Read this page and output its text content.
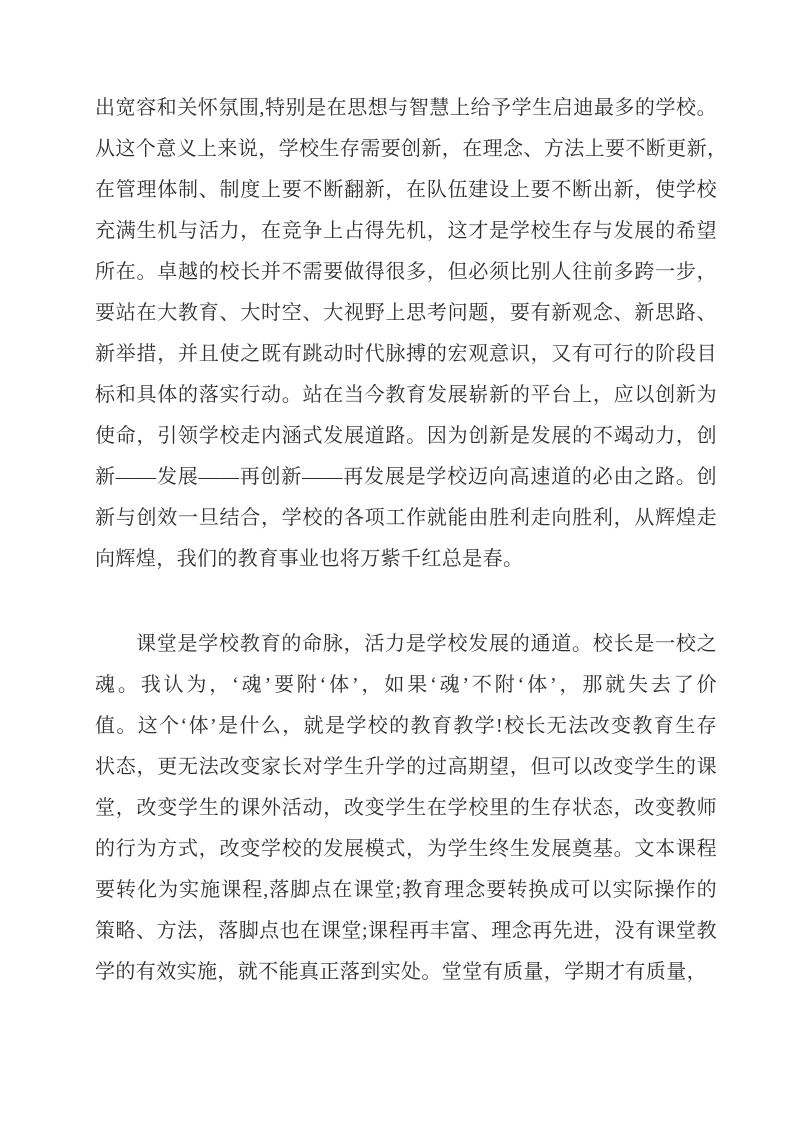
出宽容和关怀氛围,特别是在思想与智慧上给予学生启迪最多的学校。
从这个意义上来说，学校生存需要创新，在理念、方法上要不断更新，
在管理体制、制度上要不断翻新，在队伍建设上要不断出新，使学校
充满生机与活力，在竞争上占得先机，这才是学校生存与发展的希望
所在。卓越的校长并不需要做得很多，但必须比别人往前多跨一步，
要站在大教育、大时空、大视野上思考问题，要有新观念、新思路、
新举措，并且使之既有跳动时代脉搏的宏观意识，又有可行的阶段目
标和具体的落实行动。站在当今教育发展崭新的平台上，应以创新为
使命，引领学校走内涵式发展道路。因为创新是发展的不竭动力，创
新——发展——再创新——再发展是学校迈向高速道的必由之路。创
新与创效一旦结合，学校的各项工作就能由胜利走向胜利，从辉煌走
向辉煌，我们的教育事业也将万紫千红总是春。
课堂是学校教育的命脉，活力是学校发展的通道。校长是一校之
魂。我认为，‘魂’要附‘体’，如果‘魂’不附‘体’，那就失去了价
值。这个‘体’是什么，就是学校的教育教学!校长无法改变教育生存
状态，更无法改变家长对学生升学的过高期望，但可以改变学生的课
堂，改变学生的课外活动，改变学生在学校里的生存状态，改变教师
的行为方式，改变学校的发展模式，为学生终生发展奠基。文本课程
要转化为实施课程,落脚点在课堂;教育理念要转换成可以实际操作的
策略、方法，落脚点也在课堂;课程再丰富、理念再先进，没有课堂教
学的有效实施，就不能真正落到实处。堂堂有质量，学期才有质量，
